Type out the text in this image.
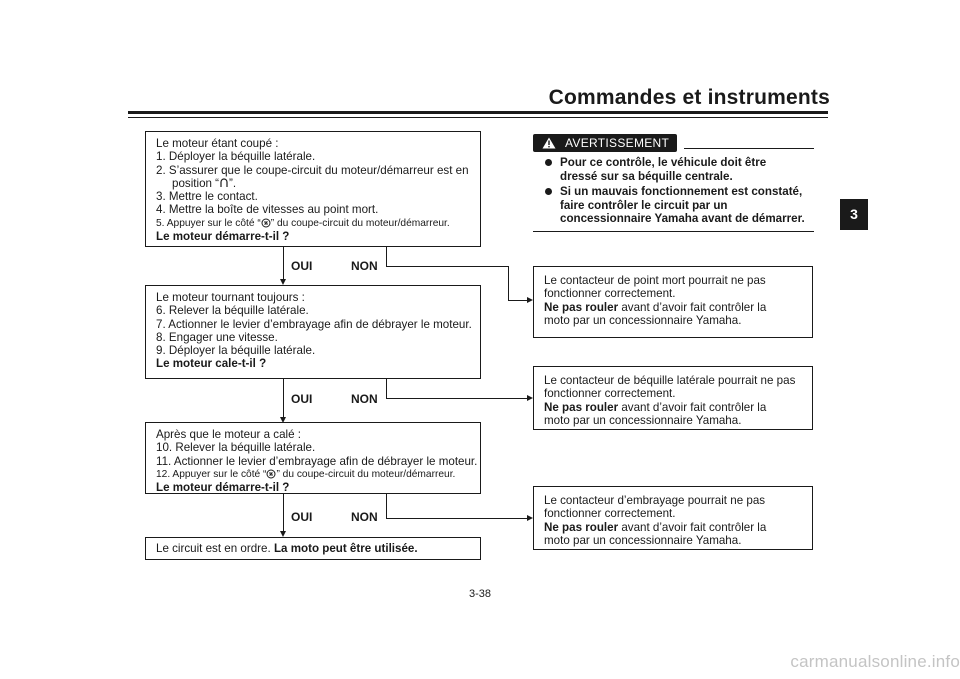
Commandes et instruments
3
Le moteur étant coupé :
1. Déployer la béquille latérale.
2. S’assurer que le coupe-circuit du moteur/démarreur est en
position “ ”.
3. Mettre le contact.
4. Mettre la boîte de vitesses au point mort.
5. Appuyer sur le côté “ ” du coupe-circuit du moteur/démarreur.
Le moteur démarre-t-il ?
OUI	NON
Le moteur tournant toujours :
6. Relever la béquille latérale.
7. Actionner le levier d’embrayage afin de débrayer le moteur.
8. Engager une vitesse.
9. Déployer la béquille latérale.
Le moteur cale-t-il ?
OUI	NON
Après que le moteur a calé :
10. Relever la béquille latérale.
11. Actionner le levier d’embrayage afin de débrayer le moteur.
12. Appuyer sur le côté “ ” du coupe-circuit du moteur/démarreur.
Le moteur démarre-t-il ?
OUI	NON
Le circuit est en ordre. La moto peut être utilisée.
AVERTISSEMENT
Pour ce contrôle, le véhicule doit être
dressé sur sa béquille centrale.
Si un mauvais fonctionnement est constaté,
faire contrôler le circuit par un
concessionnaire Yamaha avant de démarrer.
Le contacteur de point mort pourrait ne pas
fonctionner correctement.
Ne pas rouler avant d’avoir fait contrôler la
moto par un concessionnaire Yamaha.
Le contacteur de béquille latérale pourrait ne pas
fonctionner correctement.
Ne pas rouler avant d’avoir fait contrôler la
moto par un concessionnaire Yamaha.
Le contacteur d’embrayage pourrait ne pas
fonctionner correctement.
Ne pas rouler avant d’avoir fait contrôler la
moto par un concessionnaire Yamaha.
3-38
carmanualsonline.info
